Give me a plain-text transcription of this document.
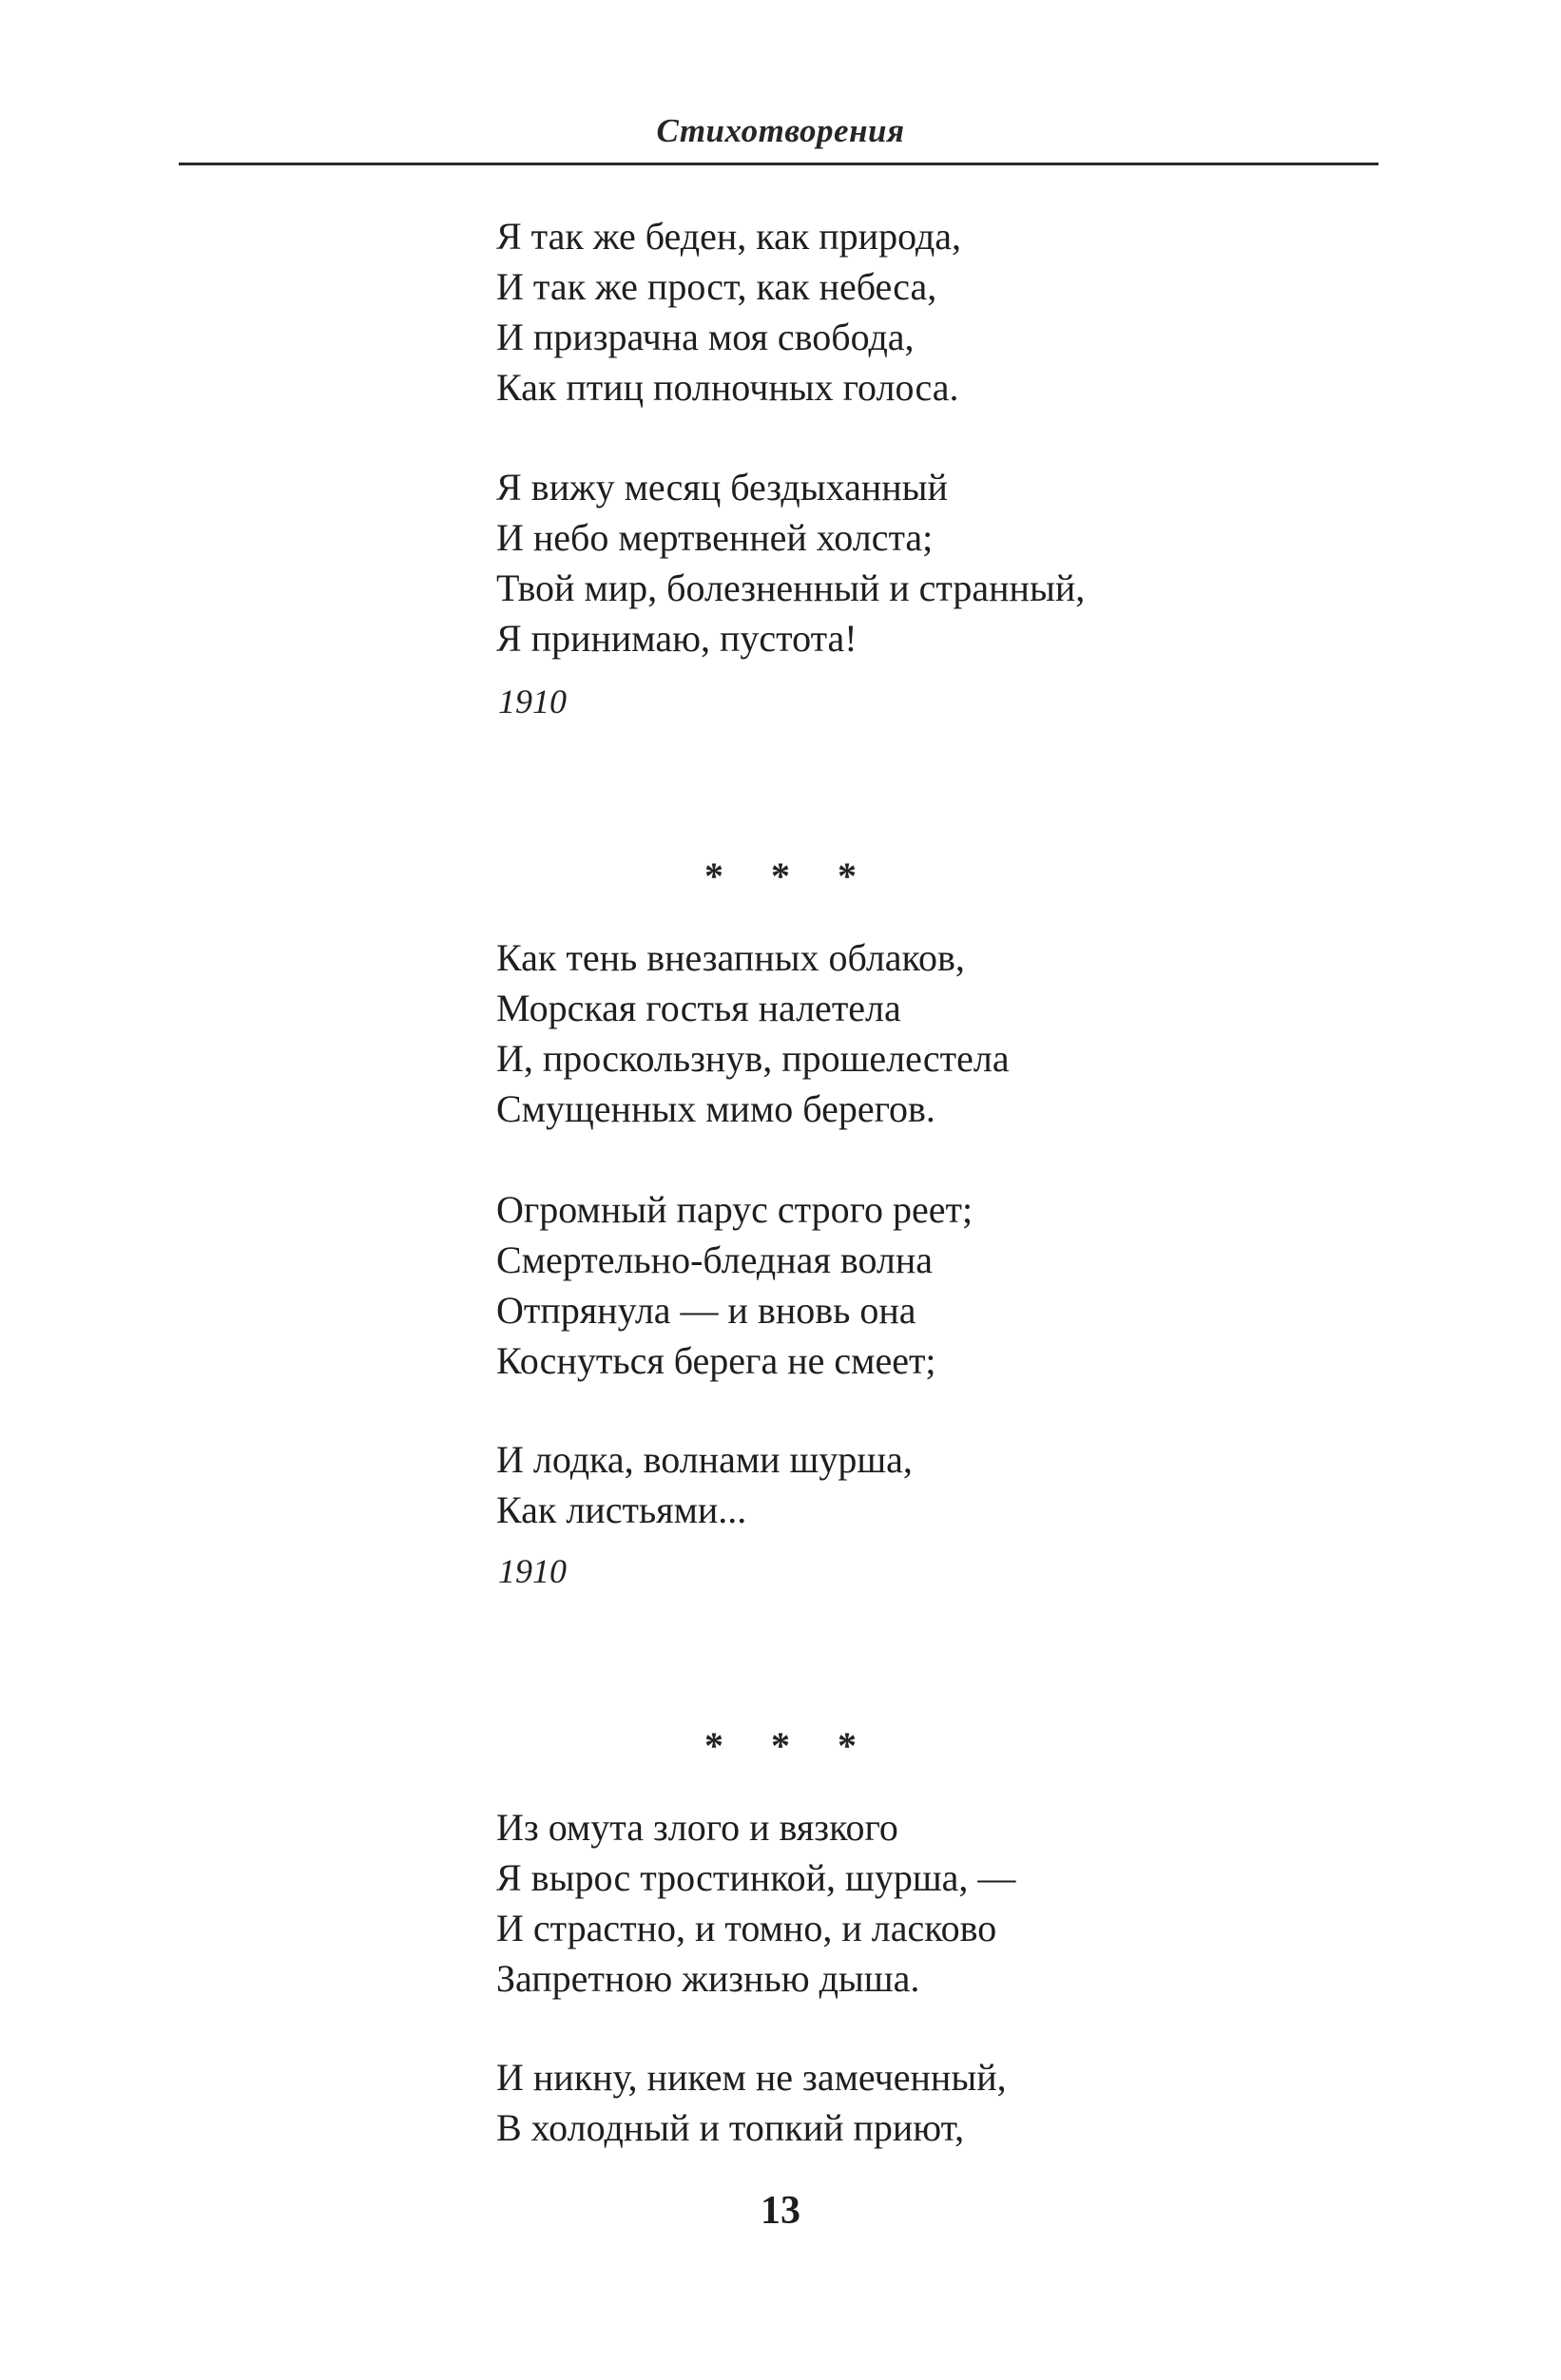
Стихотворения
Я так же беден, как природа,
И так же прост, как небеса,
И призрачна моя свобода,
Как птиц полночных голоса.
Я вижу месяц бездыханный
И небо мертвенней холста;
Твой мир, болезненный и странный,
Я принимаю, пустота!
1910
* * *
Как тень внезапных облаков,
Морская гостья налетела
И, проскользнув, прошелестела
Смущенных мимо берегов.
Огромный парус строго реет;
Смертельно-бледная волна
Отпрянула — и вновь она
Коснуться берега не смеет;
И лодка, волнами шурша,
Как листьями...
1910
* * *
Из омута злого и вязкого
Я вырос тростинкой, шурша, —
И страстно, и томно, и ласково
Запретною жизнью дыша.
И никну, никем не замеченный,
В холодный и топкий приют,
13
